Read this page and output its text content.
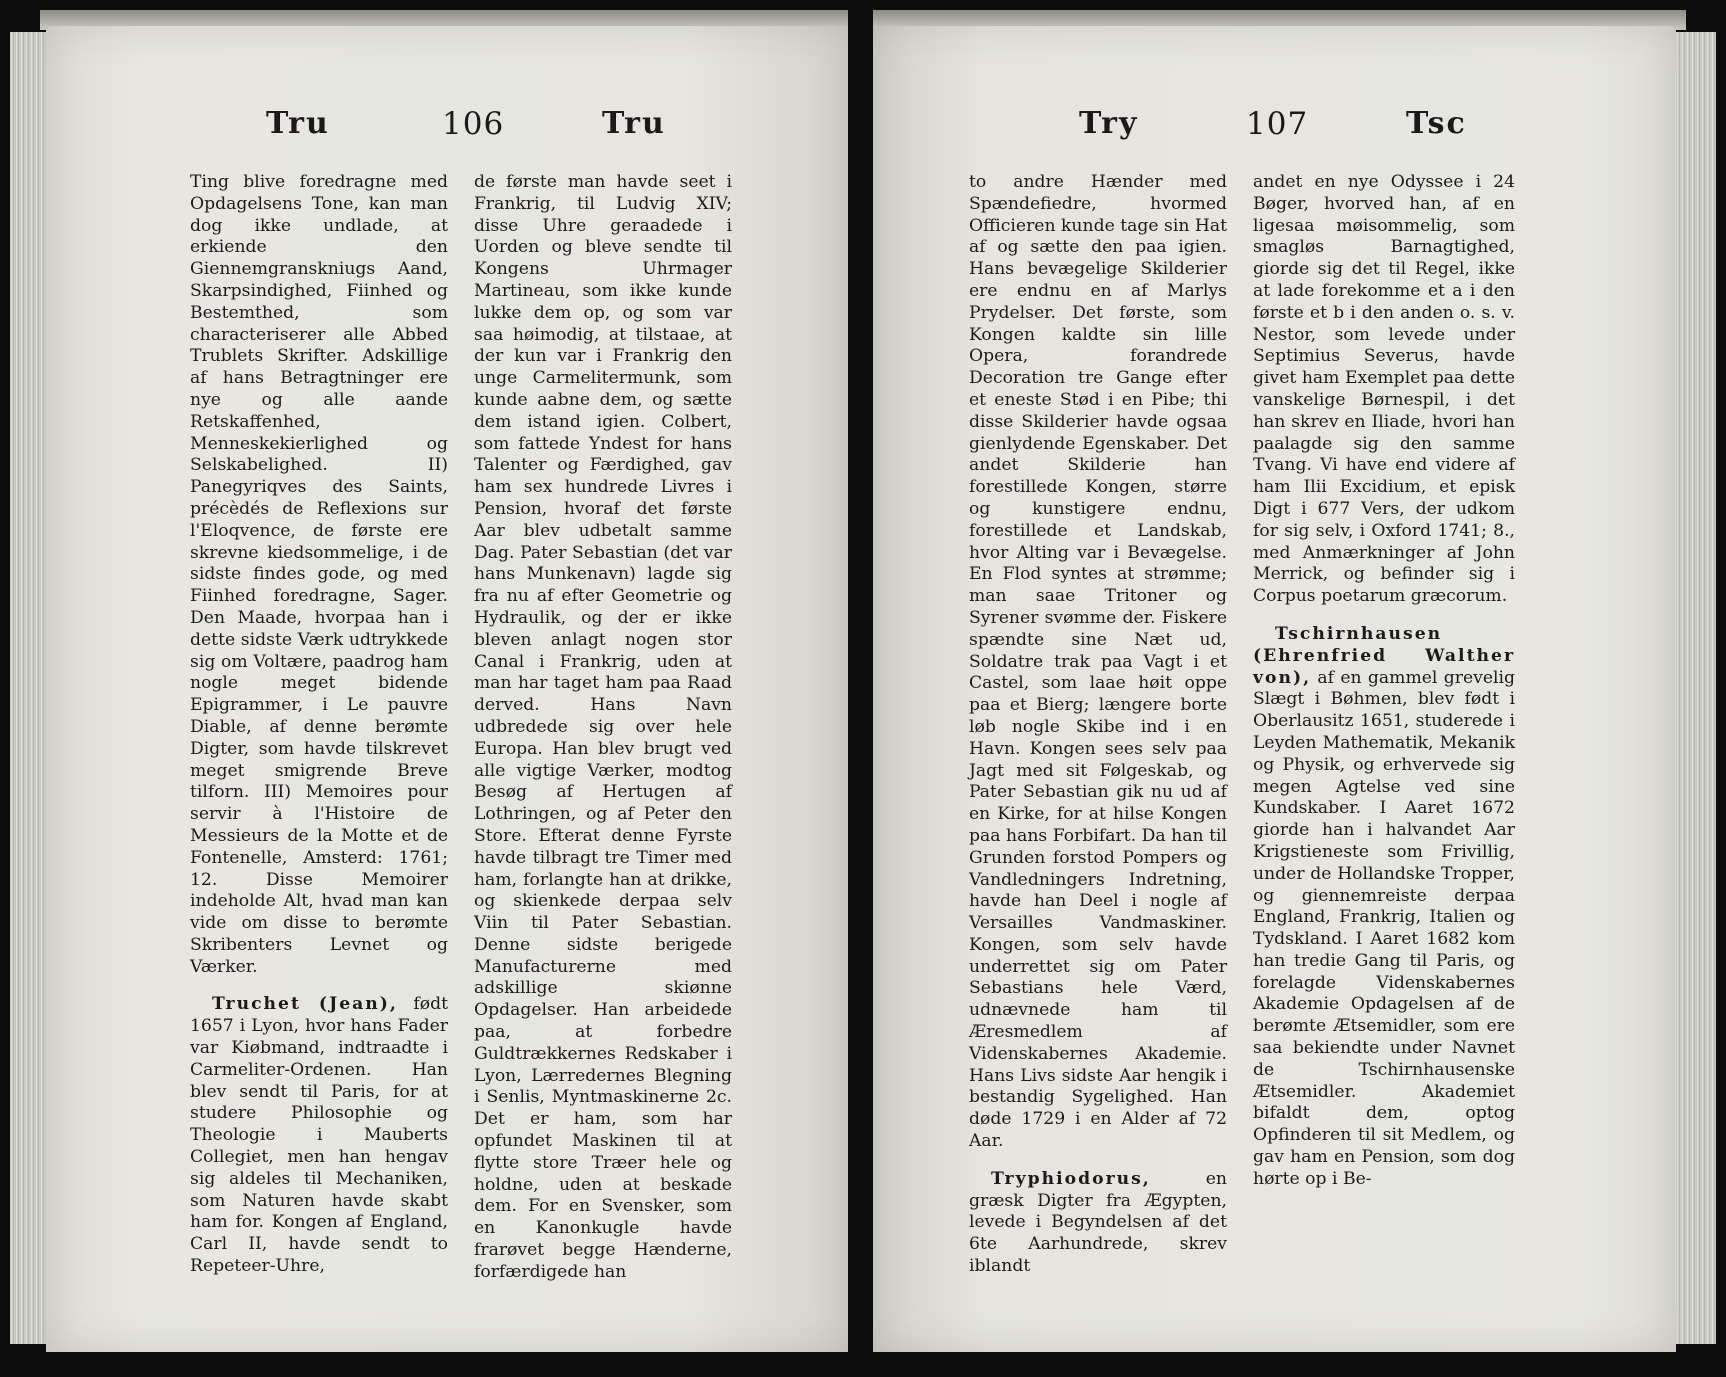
Tru	106	Tru

Ting blive foredragne med Opdagelsens Tone, kan man dog ikke undlade, at erkiende den Giennemgranskniugs Aand, Skarpsindighed, Fiinhed og Bestemthed, som characteriserer alle Abbed Trublets Skrifter. Adskillige af hans Betragtninger ere nye og alle aande Retskaffenhed, Menneskekierlighed og Selskabelighed. II) Panegyriqves des Saints, précèdés de Reflexions sur l'Eloqvence, de første ere skrevne kiedsommelige, i de sidste findes gode, og med Fiinhed foredragne, Sager. Den Maade, hvorpaa han i dette sidste Værk udtrykkede sig om Voltære, paadrog ham nogle meget bidende Epigrammer, i Le pauvre Diable, af denne berømte Digter, som havde tilskrevet meget smigrende Breve tilforn. III) Memoires pour servir à l'Histoire de Messieurs de la Motte et de Fontenelle, Amsterd: 1761; 12. Disse Memoirer indeholde Alt, hvad man kan vide om disse to berømte Skribenters Levnet og Værker.

Truchet (Jean), født 1657 i Lyon, hvor hans Fader var Kiøbmand, indtraadte i Carmeliter-Ordenen. Han blev sendt til Paris, for at studere Philosophie og Theologie i Mauberts Collegiet, men han hengav sig aldeles til Mechaniken, som Naturen havde skabt ham for. Kongen af England, Carl II, havde sendt to Repeteer-Uhre,

de første man havde seet i Frankrig, til Ludvig XIV; disse Uhre geraadede i Uorden og bleve sendte til Kongens Uhrmager Martineau, som ikke kunde lukke dem op, og som var saa høimodig, at tilstaae, at der kun var i Frankrig den unge Carmelitermunk, som kunde aabne dem, og sætte dem istand igien. Colbert, som fattede Yndest for hans Talenter og Færdighed, gav ham sex hundrede Livres i Pension, hvoraf det første Aar blev udbetalt samme Dag. Pater Sebastian (det var hans Munkenavn) lagde sig fra nu af efter Geometrie og Hydraulik, og der er ikke bleven anlagt nogen stor Canal i Frankrig, uden at man har taget ham paa Raad derved. Hans Navn udbredede sig over hele Europa. Han blev brugt ved alle vigtige Værker, modtog Besøg af Hertugen af Lothringen, og af Peter den Store. Efterat denne Fyrste havde tilbragt tre Timer med ham, forlangte han at drikke, og skienkede derpaa selv Viin til Pater Sebastian. Denne sidste berigede Manufacturerne med adskillige skiønne Opdagelser. Han arbeidede paa, at forbedre Guldtrækkernes Redskaber i Lyon, Lærredernes Blegning i Senlis, Myntmaskinerne 2c. Det er ham, som har opfundet Maskinen til at flytte store Træer hele og holdne, uden at beskade dem. For en Svensker, som en Kanonkugle havde frarøvet begge Hænderne, forfærdigede han

Try	107	Tsc

to andre Hænder med Spændefiedre, hvormed Officieren kunde tage sin Hat af og sætte den paa igien. Hans bevægelige Skilderier ere endnu en af Marlys Prydelser. Det første, som Kongen kaldte sin lille Opera, forandrede Decoration tre Gange efter et eneste Stød i en Pibe; thi disse Skilderier havde ogsaa gienlydende Egenskaber. Det andet Skilderie han forestillede Kongen, større og kunstigere endnu, forestillede et Landskab, hvor Alting var i Bevægelse. En Flod syntes at strømme; man saae Tritoner og Syrener svømme der. Fiskere spændte sine Næt ud, Soldatre trak paa Vagt i et Castel, som laae høit oppe paa et Bierg; længere borte løb nogle Skibe ind i en Havn. Kongen sees selv paa Jagt med sit Følgeskab, og Pater Sebastian gik nu ud af en Kirke, for at hilse Kongen paa hans Forbifart. Da han til Grunden forstod Pompers og Vandledningers Indretning, havde han Deel i nogle af Versailles Vandmaskiner. Kongen, som selv havde underrettet sig om Pater Sebastians hele Værd, udnævnede ham til Æresmedlem af Videnskabernes Akademie. Hans Livs sidste Aar hengik i bestandig Sygelighed. Han døde 1729 i en Alder af 72 Aar.

Tryphiodorus,	en græsk Digter fra Ægypten, levede i Begyndelsen af det 6te Aarhundrede, skrev iblandt

andet en nye Odyssee i 24 Bøger, hvorved han, af en ligesaa møisommelig, som smagløs Barnagtighed, giorde sig det til Regel, ikke at lade forekomme et a i den første et b i den anden o. s. v. Nestor, som levede under Septimius Severus, havde givet ham Exemplet paa dette vanskelige Børnespil, i det han skrev en Iliade, hvori han paalagde sig den samme Tvang. Vi have end videre af ham Ilii Excidium, et episk Digt i 677 Vers, der udkom for sig selv, i Oxford 1741; 8., med Anmærkninger af John Merrick, og befinder sig i Corpus poetarum græcorum.

Tschirnhausen (Ehrenfried Walther von), af en gammel grevelig Slægt i Bøhmen, blev født i Oberlausitz 1651, studerede i Leyden Mathematik, Mekanik og Physik, og erhvervede sig megen Agtelse ved sine Kundskaber. I Aaret 1672 giorde han i halvandet Aar Krigstieneste som Frivillig, under de Hollandske Tropper, og giennemreiste derpaa England, Frankrig, Italien og Tydskland. I Aaret 1682 kom han tredie Gang til Paris, og forelagde Videnskabernes Akademie Opdagelsen af de berømte Ætsemidler, som ere saa bekiendte under Navnet de Tschirnhausenske Ætsemidler. Akademiet bifaldt dem, optog Opfinderen til sit Medlem, og gav ham en Pension, som dog hørte op i Be-
